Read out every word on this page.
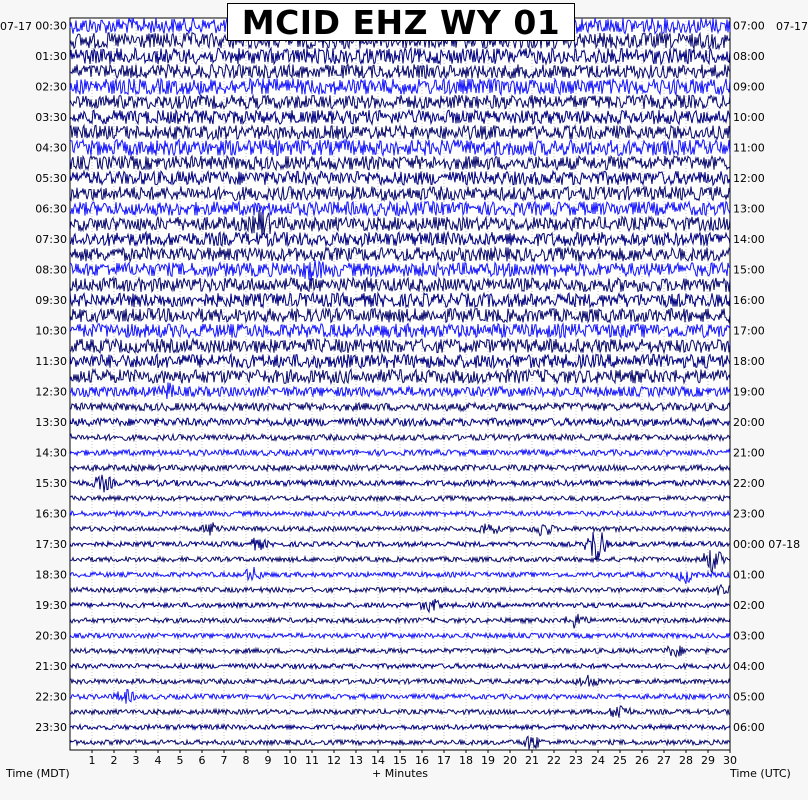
00:30
01:30
02:30
03:30
04:30
05:30
06:30
07:30
08:30
09:30
10:30
11:30
12:30
13:30
14:30
15:30
16:30
17:30
18:30
19:30
20:30
21:30
22:30
23:30
07:00
08:00
09:00
10:00
11:00
12:00
13:00
14:00
15:00
16:00
17:00
18:00
19:00
20:00
21:00
22:00
23:00
00:00 07-18
01:00
02:00
03:00
04:00
05:00
06:00
1 2 3 4 5 6 7 8 9 10 11 12 13 14 15 16 17 18 19 20 21 22 23 24 25 26 27 28 29 30
MCID EHZ WY 01
07-17	07-17
Time (MDT)	+ Minutes	Time (UTC)
